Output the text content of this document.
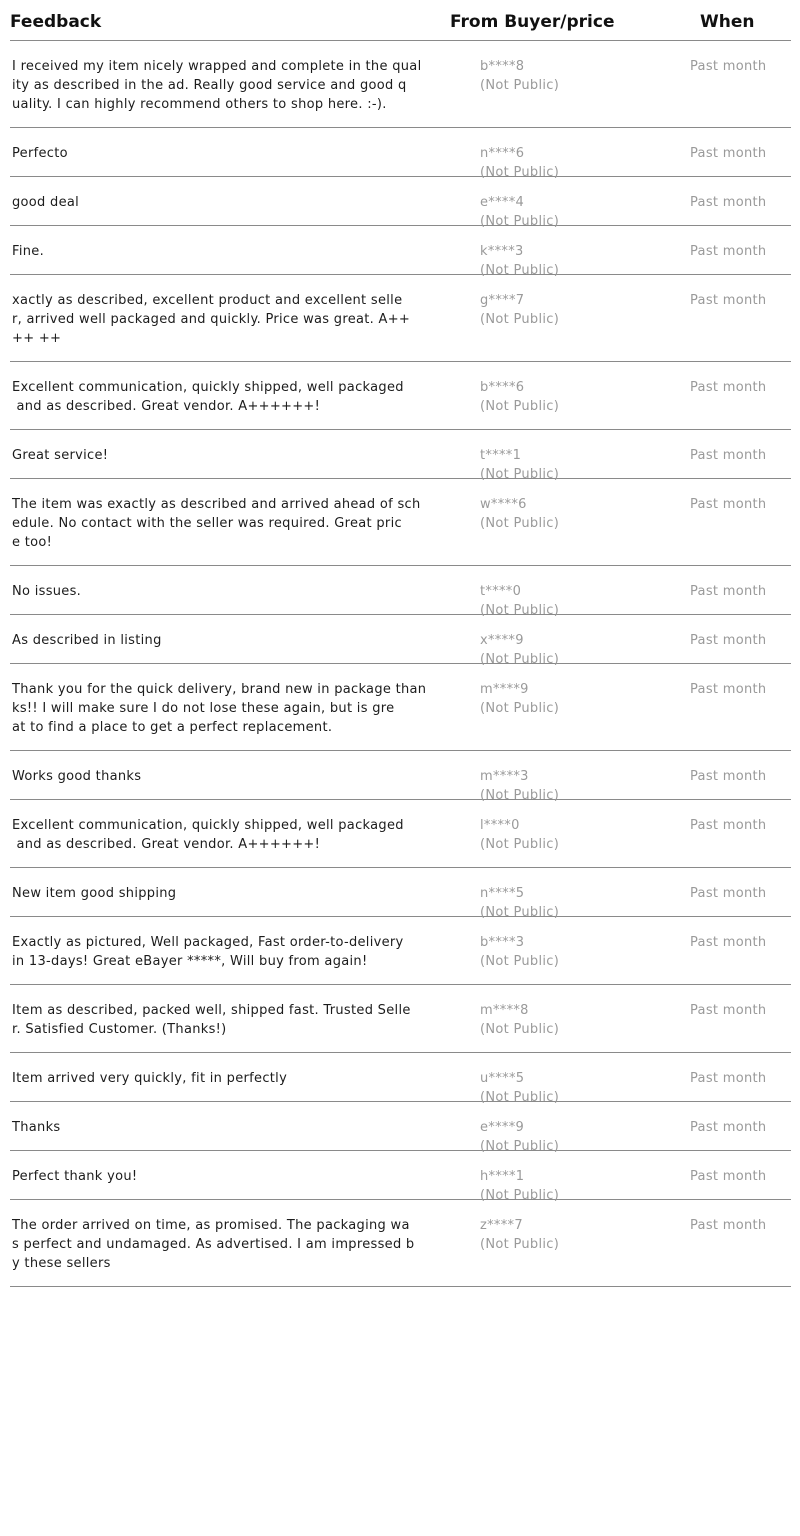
Feedback	From Buyer/price	When
I received my item nicely wrapped and complete in the qual
ity as described in the ad. Really good service and good q
uality. I can highly recommend others to shop here. :-).
b****8
(Not Public)
Past month
Perfecto	n****6
(Not Public)
Past month
good deal	e****4
(Not Public)
Past month
Fine.	k****3
(Not Public)
Past month
xactly as described, excellent product and excellent selle
r, arrived well packaged and quickly. Price was great. A++
++ ++
g****7
(Not Public)
Past month
Excellent communication, quickly shipped, well packaged
and as described. Great vendor. A++++++!
b****6
(Not Public)
Past month
Great service!	t****1
(Not Public)
Past month
The item was exactly as described and arrived ahead of sch
edule. No contact with the seller was required. Great pric
e too!
w****6
(Not Public)
Past month
No issues.	t****0
(Not Public)
Past month
As described in listing	x****9
(Not Public)
Past month
Thank you for the quick delivery, brand new in package than
ks!! I will make sure I do not lose these again, but is gre
at to find a place to get a perfect replacement.
m****9
(Not Public)
Past month
Works good thanks	m****3
(Not Public)
Past month
Excellent communication, quickly shipped, well packaged
and as described. Great vendor. A++++++!
l****0
(Not Public)
Past month
New item good shipping	n****5
(Not Public)
Past month
Exactly as pictured, Well packaged, Fast order-to-delivery
in 13-days! Great eBayer *****, Will buy from again!
b****3
(Not Public)
Past month
Item as described, packed well, shipped fast. Trusted Selle
r. Satisfied Customer. (Thanks!)
m****8
(Not Public)
Past month
Item arrived very quickly, fit in perfectly	u****5
(Not Public)
Past month
Thanks	e****9
(Not Public)
Past month
Perfect thank you!	h****1
(Not Public)
Past month
The order arrived on time, as promised. The packaging wa
s perfect and undamaged. As advertised. I am impressed b
y these sellers
z****7
(Not Public)
Past month
